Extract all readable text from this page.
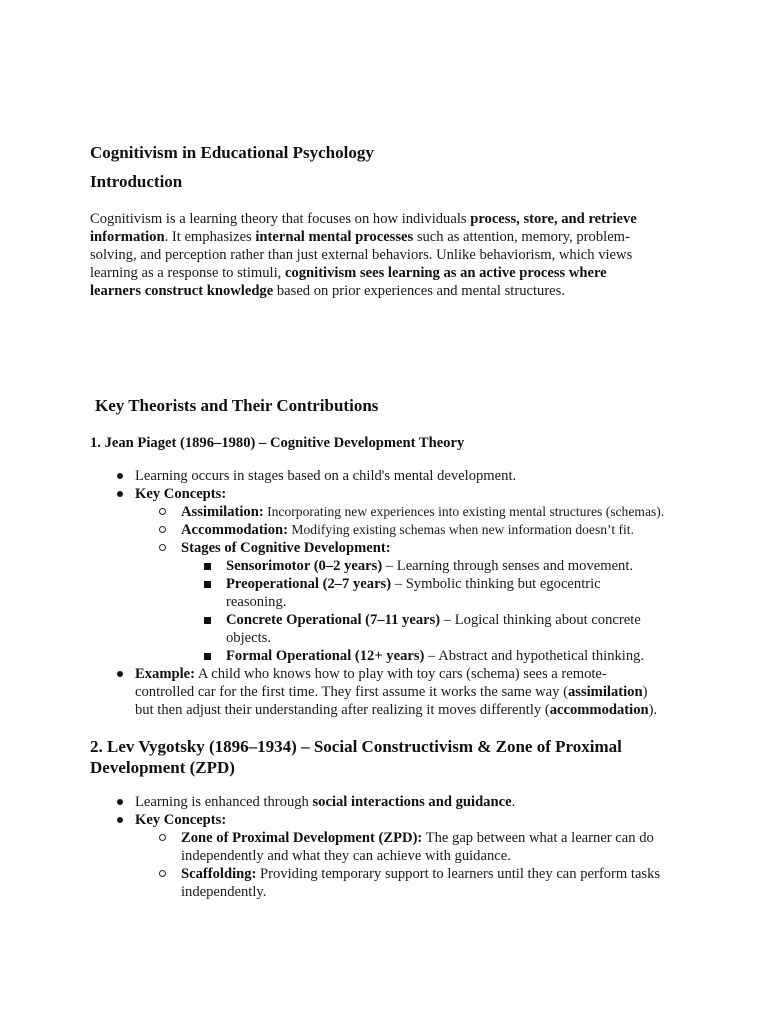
Cognitivism in Educational Psychology
Introduction
Cognitivism is a learning theory that focuses on how individuals process, store, and retrieve
information. It emphasizes internal mental processes such as attention, memory, problem-
solving, and perception rather than just external behaviors. Unlike behaviorism, which views
learning as a response to stimuli, cognitivism sees learning as an active process where
learners construct knowledge based on prior experiences and mental structures.
Key Theorists and Their Contributions
1. Jean Piaget (1896–1980) – Cognitive Development Theory
Learning occurs in stages based on a child's mental development.
Key Concepts:
Assimilation: Incorporating new experiences into existing mental structures (schemas).
Accommodation: Modifying existing schemas when new information doesn’t fit.
Stages of Cognitive Development:
Sensorimotor (0–2 years) – Learning through senses and movement.
Preoperational (2–7 years) – Symbolic thinking but egocentric
reasoning.
Concrete Operational (7–11 years) – Logical thinking about concrete
objects.
Formal Operational (12+ years) – Abstract and hypothetical thinking.
Example: A child who knows how to play with toy cars (schema) sees a remote-
controlled car for the first time. They first assume it works the same way (assimilation)
but then adjust their understanding after realizing it moves differently (accommodation).
2. Lev Vygotsky (1896–1934) – Social Constructivism & Zone of Proximal
Development (ZPD)
Learning is enhanced through social interactions and guidance.
Key Concepts:
Zone of Proximal Development (ZPD): The gap between what a learner can do
independently and what they can achieve with guidance.
Scaffolding: Providing temporary support to learners until they can perform tasks
independently.
